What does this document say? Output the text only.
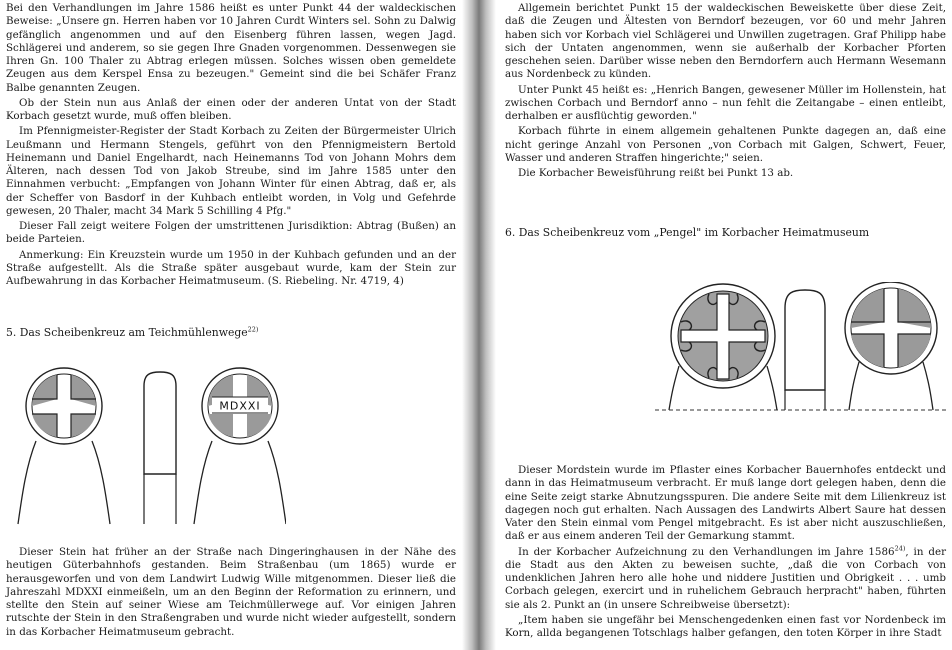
Bei den Verhandlungen im Jahre 1586 heißt es unter Punkt 44 der waldeckischen Beweise: „Unsere gn. Herren haben vor 10 Jahren Curdt Winters sel. Sohn zu Dalwig gefänglich angenommen und auf den Eisenberg führen lassen, wegen Jagd. Schlägerei und anderem, so sie gegen Ihre Gnaden vorgenommen. Dessenwegen sie Ihren Gn. 100 Thaler zu Abtrag erlegen müssen. Solches wissen oben gemeldete Zeugen aus dem Kerspel Ensa zu bezeugen." Gemeint sind die bei Schäfer Franz Balbe genannten Zeugen.

Ob der Stein nun aus Anlaß der einen oder der anderen Untat von der Stadt Korbach gesetzt wurde, muß offen bleiben.

Im Pfennigmeister-Register der Stadt Korbach zu Zeiten der Bürgermeister Ulrich Leußmann und Hermann Stengels, geführt von den Pfennigmeistern Bertold Heinemann und Daniel Engelhardt, nach Heinemanns Tod von Johann Mohrs dem Älteren, nach dessen Tod von Jakob Streube, sind im Jahre 1585 unter den Einnahmen verbucht: „Empfangen von Johann Winter für einen Abtrag, daß er, als der Scheffer von Basdorf in der Kuhbach entleibt worden, in Volg und Gefehrde gewesen, 20 Thaler, macht 34 Mark 5 Schilling 4 Pfg."

Dieser Fall zeigt weitere Folgen der umstrittenen Jurisdiktion: Abtrag (Bußen) an beide Parteien.

Anmerkung: Ein Kreuzstein wurde um 1950 in der Kuhbach gefunden und an der Straße aufgestellt. Als die Straße später ausgebaut wurde, kam der Stein zur Aufbewahrung in das Korbacher Heimatmuseum. (S. Riebeling. Nr. 4719, 4)

5. Das Scheibenkreuz am Teichmühlenwege$^{22)}$

MDXXI

Dieser Stein hat früher an der Straße nach Dingeringhausen in der Nähe des heutigen Güterbahnhofs gestanden. Beim Straßenbau (um 1865) wurde er herausgeworfen und von dem Landwirt Ludwig Wille mitgenommen. Dieser ließ die Jahreszahl MDXXI einmeißeln, um an den Beginn der Reformation zu erinnern, und stellte den Stein auf seiner Wiese am Teichmüllerwege auf. Vor einigen Jahren rutschte der Stein in den Straßengraben und wurde nicht wieder aufgestellt, sondern in das Korbacher Heimatmuseum gebracht.

Allgemein berichtet Punkt 15 der waldeckischen Beweiskette über diese Zeit, daß die Zeugen und Ältesten von Berndorf bezeugen, vor 60 und mehr Jahren haben sich vor Korbach viel Schlägerei und Unwillen zugetragen. Graf Philipp habe sich der Untaten angenommen, wenn sie außerhalb der Korbacher Pforten geschehen seien. Darüber wisse neben den Berndorfern auch Hermann Wesemann aus Nordenbeck zu künden.

Unter Punkt 45 heißt es: „Henrich Bangen, gewesener Müller im Hollenstein, hat zwischen Corbach und Berndorf anno – nun fehlt die Zeitangabe – einen entleibt, derhalben er ausflüchtig geworden."

Korbach führte in einem allgemein gehaltenen Punkte dagegen an, daß eine nicht geringe Anzahl von Personen „von Corbach mit Galgen, Schwert, Feuer, Wasser und anderen Straffen hingerichte;" seien.

Die Korbacher Beweisführung reißt bei Punkt 13 ab.

6. Das Scheibenkreuz vom „Pengel" im Korbacher Heimatmuseum

Dieser Mordstein wurde im Pflaster eines Korbacher Bauernhofes entdeckt und dann in das Heimatmuseum verbracht. Er muß lange dort gelegen haben, denn die eine Seite zeigt starke Abnutzungsspuren. Die andere Seite mit dem Lilienkreuz ist dagegen noch gut erhalten. Nach Aussagen des Landwirts Albert Saure hat dessen Vater den Stein einmal vom Pengel mitgebracht. Es ist aber nicht auszuschließen, daß er aus einem anderen Teil der Gemarkung stammt.

In der Korbacher Aufzeichnung zu den Verhandlungen im Jahre 1586$^{24)}$, in der die Stadt aus den Akten zu beweisen suchte, „daß die von Corbach von undenklichen Jahren hero alle hohe und niddere Justitien und Obrigkeit . . . umb Corbach gelegen, exercirt und in ruhelichem Gebrauch herpracht" haben, führten sie als 2. Punkt an (in unsere Schreibweise übersetzt):

„Item haben sie ungefähr bei Menschengedenken einen fast vor Nordenbeck im Korn, allda begangenen Totschlags halber gefangen, den toten Körper in ihre Stadt
